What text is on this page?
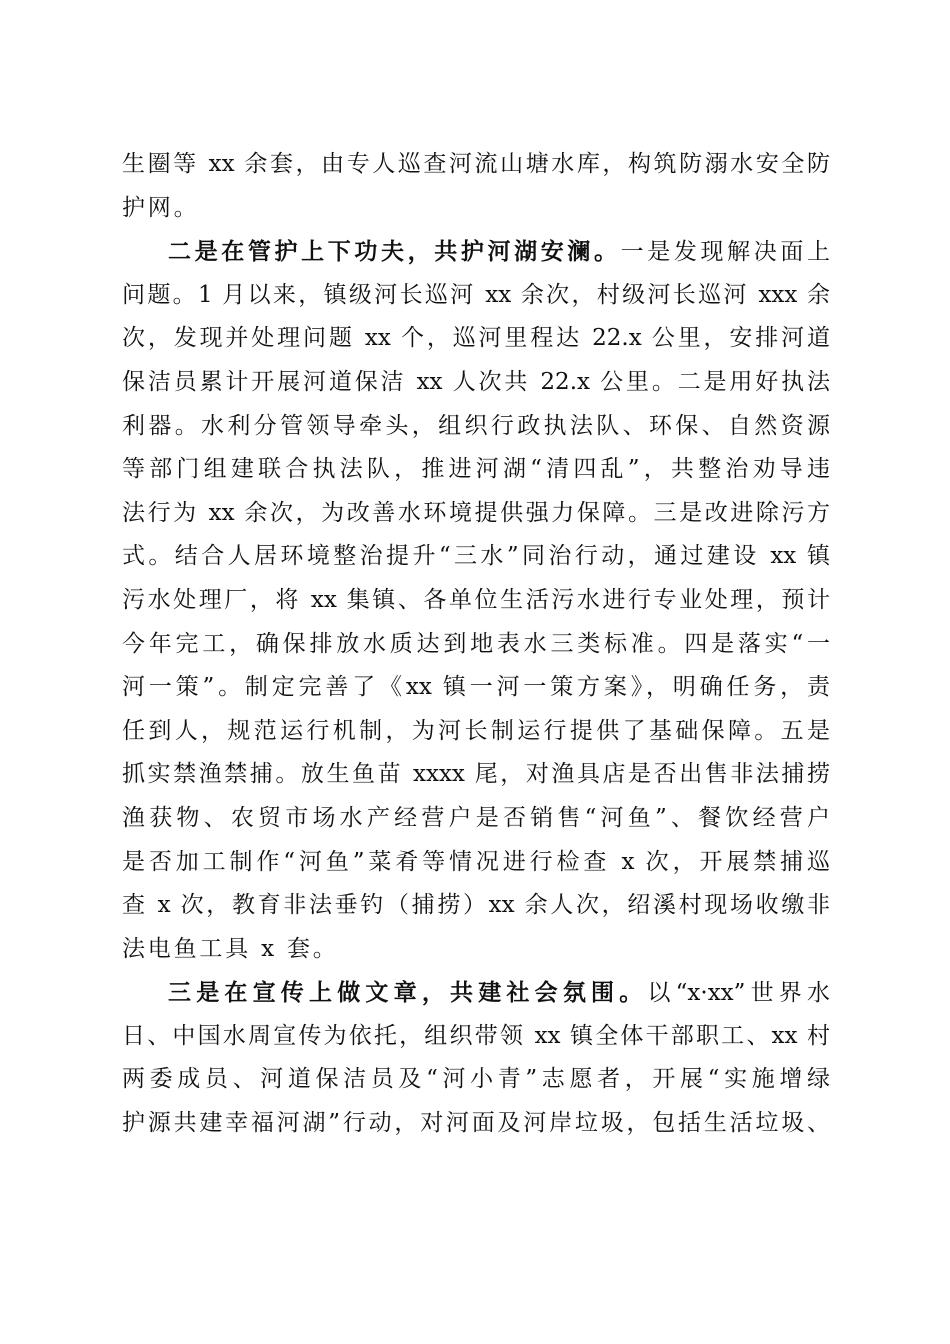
生圈等 xx 余套，由专人巡查河流山塘水库，构筑防溺水安全防
护网。
二是在管护上下功夫，共护河湖安澜。一是发现解决面上
问题。1 月以来，镇级河长巡河 xx 余次，村级河长巡河 xxx 余
次，发现并处理问题 xx 个，巡河里程达 22.x 公里，安排河道
保洁员累计开展河道保洁 xx 人次共 22.x 公里。二是用好执法
利器。水利分管领导牵头，组织行政执法队、环保、自然资源
等部门组建联合执法队，推进河湖“清四乱”，共整治劝导违
法行为 xx 余次，为改善水环境提供强力保障。三是改进除污方
式。结合人居环境整治提升“三水”同治行动，通过建设 xx 镇
污水处理厂，将 xx 集镇、各单位生活污水进行专业处理，预计
今年完工，确保排放水质达到地表水三类标准。四是落实“一
河一策”。制定完善了《xx 镇一河一策方案》，明确任务，责
任到人，规范运行机制，为河长制运行提供了基础保障。五是
抓实禁渔禁捕。放生鱼苗 xxxx 尾，对渔具店是否出售非法捕捞
渔获物、农贸市场水产经营户是否销售“河鱼”、餐饮经营户
是否加工制作“河鱼”菜肴等情况进行检查 x 次，开展禁捕巡
查 x 次，教育非法垂钓（捕捞）xx 余人次，绍溪村现场收缴非
法电鱼工具 x 套。
三是在宣传上做文章，共建社会氛围。以“x·xx”世界水
日、中国水周宣传为依托，组织带领 xx 镇全体干部职工、xx 村
两委成员、河道保洁员及“河小青”志愿者，开展“实施增绿
护源共建幸福河湖”行动，对河面及河岸垃圾，包括生活垃圾、
